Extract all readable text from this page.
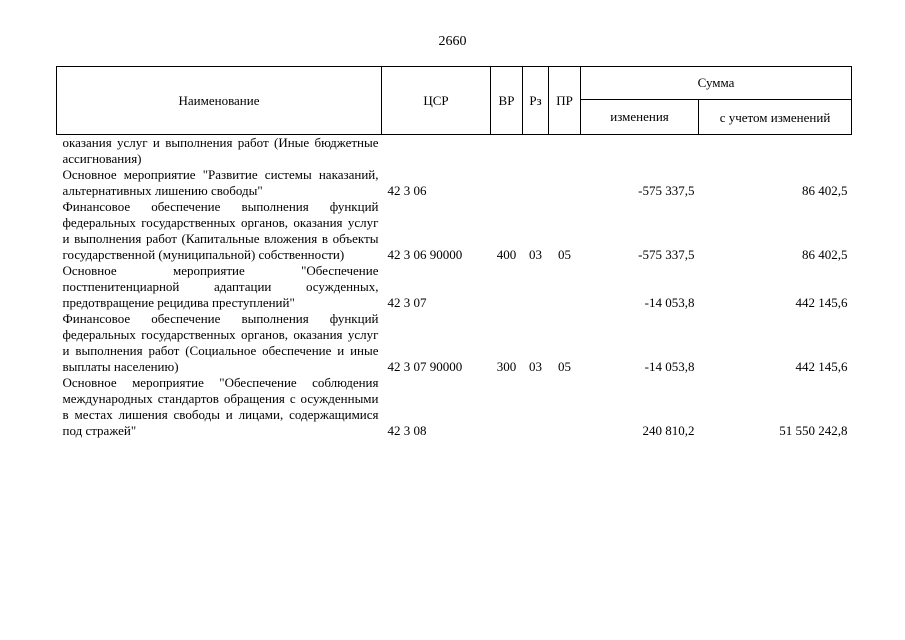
2660
Наименование	ЦСР	ВР	Рз	ПР	Сумма	
					изменения	с учетом изменений
оказания услуг и выполнения работ (Иные бюджетные ассигнования)						
Основное мероприятие "Развитие системы наказаний, альтернативных лишению свободы"	42 3 06				-575 337,5	86 402,5
Финансовое обеспечение выполнения функций федеральных государственных органов, оказания услуг и выполнения работ (Капитальные вложения в объекты государственной (муниципальной) собственности)	42 3 06 90000	400	03	05	-575 337,5	86 402,5
Основное мероприятие "Обеспечение постпенитенциарной адаптации осужденных, предотвращение рецидива преступлений"	42 3 07				-14 053,8	442 145,6
Финансовое обеспечение выполнения функций федеральных государственных органов, оказания услуг и выполнения работ (Социальное обеспечение и иные выплаты населению)	42 3 07 90000	300	03	05	-14 053,8	442 145,6
Основное мероприятие "Обеспечение соблюдения международных стандартов обращения с осужденными в местах лишения свободы и лицами, содержащимися под стражей"	42 3 08				240 810,2	51 550 242,8
